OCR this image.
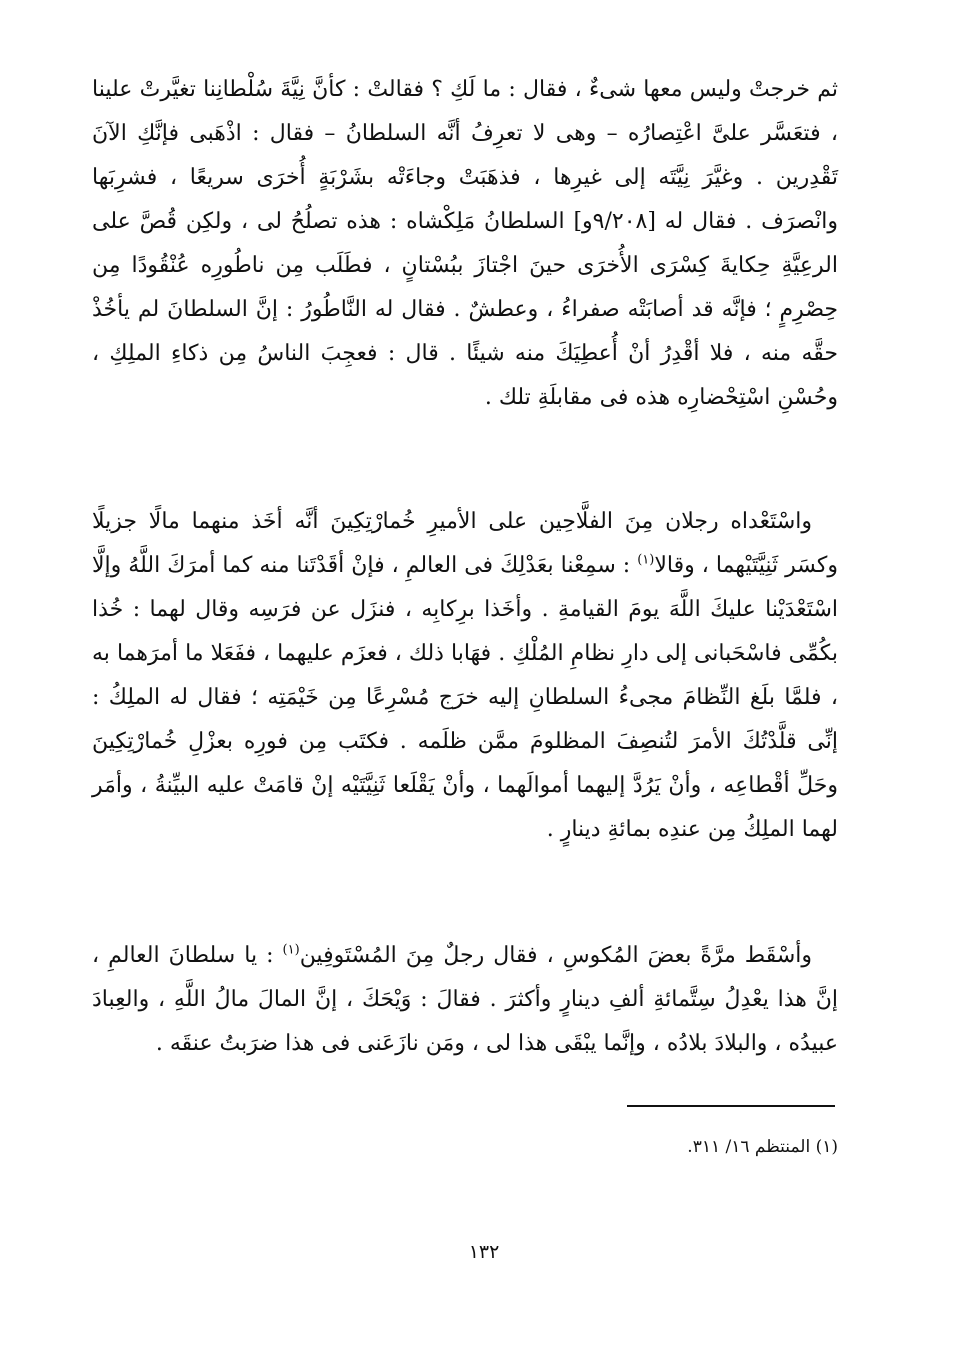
ثم خرجتْ وليس معها شىءٌ ، فقال : ما لَكِ ؟ فقالتْ : كأنَّ نِيَّةَ سُلْطانِنا تغيَّرتْ علينا ، فتعَسَّر علىَّ اعْتِصارُه – وهى لا تعرِفُ أنَّه السلطانُ – فقال : اذْهَبى فإنَّكِ الآنَ تَقْدِرين . وغيَّرَ نِيَّتَه إلى غيرِها ، فذهَبَتْ وجاءَتْه بشَرْبَةٍ أُخرَى سريعًا ، فشرِبَها وانْصرَف . فقال له [٩/٢٠٨و] السلطانُ مَلِكْشاه : هذه تصلُحُ لى ، ولكِن قُصَّ على الرعِيَّةِ حِكايةَ كِسْرَى الأُخرَى حينَ اجْتازَ ببُسْتانٍ ، فطَلَب مِن ناطُورِه عُنْقُودًا مِن حِصْرِمٍ ؛ فإنَّه قد أصابَتْه صفراءُ ، وعطشٌ . فقال له النَّاطُورُ : إنَّ السلطانَ لم يأخُذْ حقَّه منه ، فلا أقْدِرُ أنْ أُعطِيَكَ منه شيئًا . قال : فعجِبَ الناسُ مِن ذكاءِ الملِكِ ، وحُسْنِ اسْتِحْضارِه هذه فى مقابلَةِ تلك .

واسْتَعْداه رجلان مِنَ الفلَّاحِين على الأميرِ خُمارْتِكِينَ أنَّه أخَذ منهما مالًا جزيلًا وكسَر ثَنِيَّتَيْهما ، وقالا$^{(١)}$ : سمِعْنا بعَدْلِكَ فى العالمِ ، فإنْ أقَدْتَنا منه كما أمرَكَ اللَّهُ وإلَّا اسْتَعْدَيْنا عليكَ اللَّهَ يومَ القيامةِ . وأخَذا برِكابِه ، فنزَل عن فرَسِه وقال لهما : خُذا بكُمِّى فاسْحَبانى إلى دارِ نظامِ المُلْكِ . فهَابا ذلك ، فعزَم عليهما ، ففَعَلا ما أمرَهما به ، فلمَّا بلَغ النِّظامَ مجىءُ السلطانِ إليه خرَج مُسْرِعًا مِن خَيْمَتِه ؛ فقال له الملِكُ : إنِّى قلَّدْتُكَ الأمرَ لتُنصِفَ المظلومَ ممَّن ظلَمه . فكتَب مِن فورِه بعزْلِ خُمارْتِكِينَ وحَلِّ أقْطاعِه ، وأنْ يَرُدَّ إليهما أموالَهما ، وأنْ يَقْلَعا ثَنِيَّتَيْه إنْ قامَتْ عليه البيِّنةُ ، وأمَر لهما الملِكُ مِن عندِه بمائةِ دينارٍ .

وأسْقَط مرَّةً بعضَ المُكوسِ ، فقال رجلٌ مِنَ المُسْتَوفِين$^{(١)}$ : يا سلطانَ العالمِ ، إنَّ هذا يعْدِلُ سِتَّمائةِ ألفِ دينارٍ وأكثرَ . فقالَ : وَيْحَكَ ، إنَّ المالَ مالُ اللَّهِ ، والعِبادَ عبيدُه ، والبلادَ بلادُه ، وإنَّما يبْقَى هذا لى ، ومَن نازَعَنى فى هذا ضرَبتُ عنقَه .

(١) المنتظم ١٦/ ٣١١.

١٣٢
